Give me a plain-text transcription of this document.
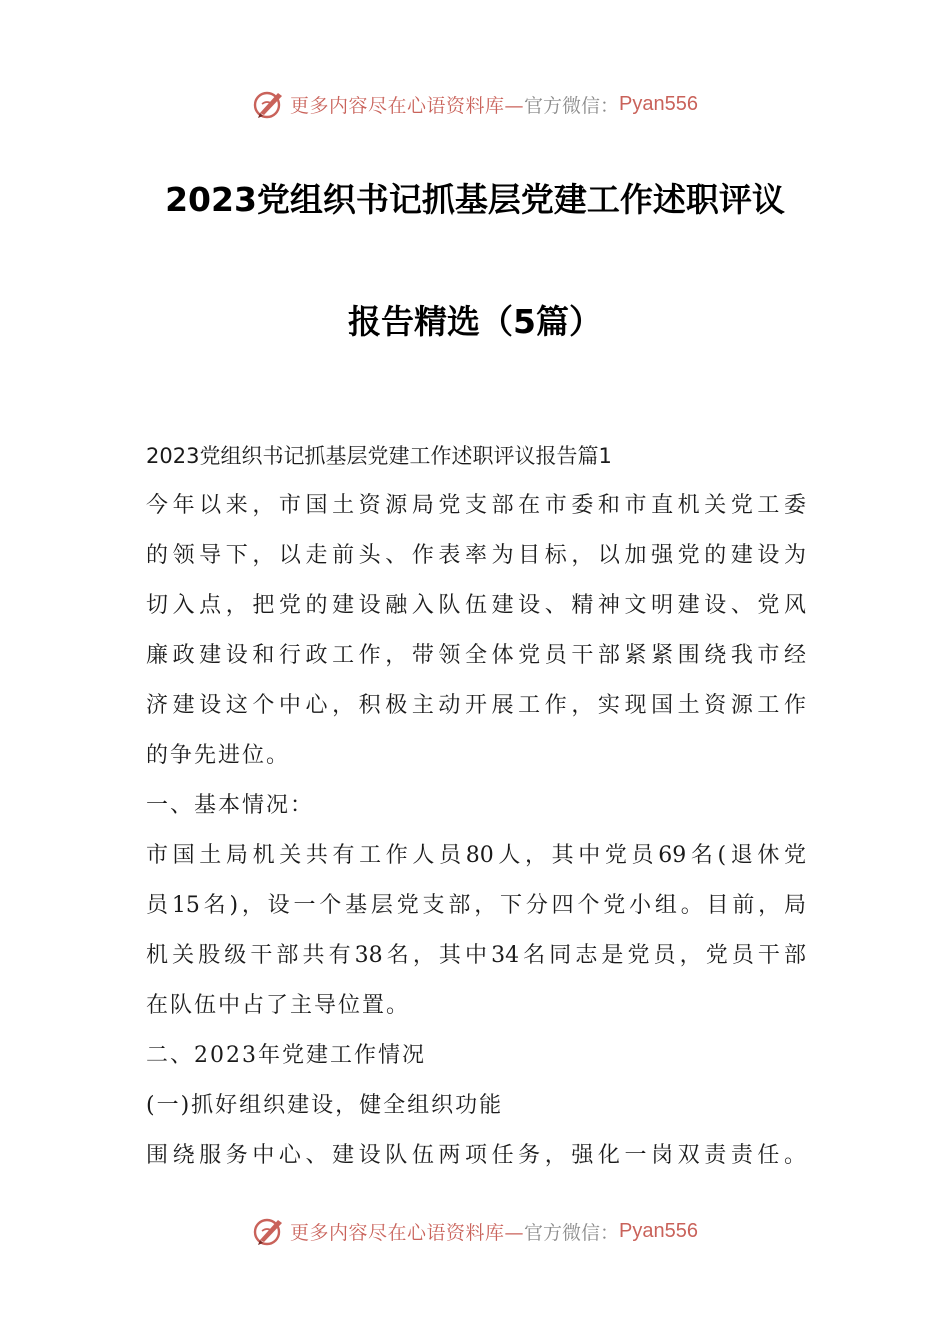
更多内容尽在心语资料库— 官方微信： Pyan556
2023党组织书记抓基层党建工作述职评议
报告精选（5篇）
2023党组织书记抓基层党建工作述职评议报告篇1
今年以来，市国土资源局党支部在市委和市直机关党工委
的领导下，以走前头、作表率为目标，以加强党的建设为
切入点，把党的建设融入队伍建设、精神文明建设、党风
廉政建设和行政工作，带领全体党员干部紧紧围绕我市经
济建设这个中心，积极主动开展工作，实现国土资源工作
的争先进位。
一、基本情况：
市国土局机关共有工作人员80人，其中党员69名(退休党
员15名)，设一个基层党支部，下分四个党小组。目前，局
机关股级干部共有38名，其中34名同志是党员，党员干部
在队伍中占了主导位置。
二、2023年党建工作情况
(一)抓好组织建设，健全组织功能
围绕服务中心、建设队伍两项任务，强化一岗双责责任。
更多内容尽在心语资料库— 官方微信： Pyan556
